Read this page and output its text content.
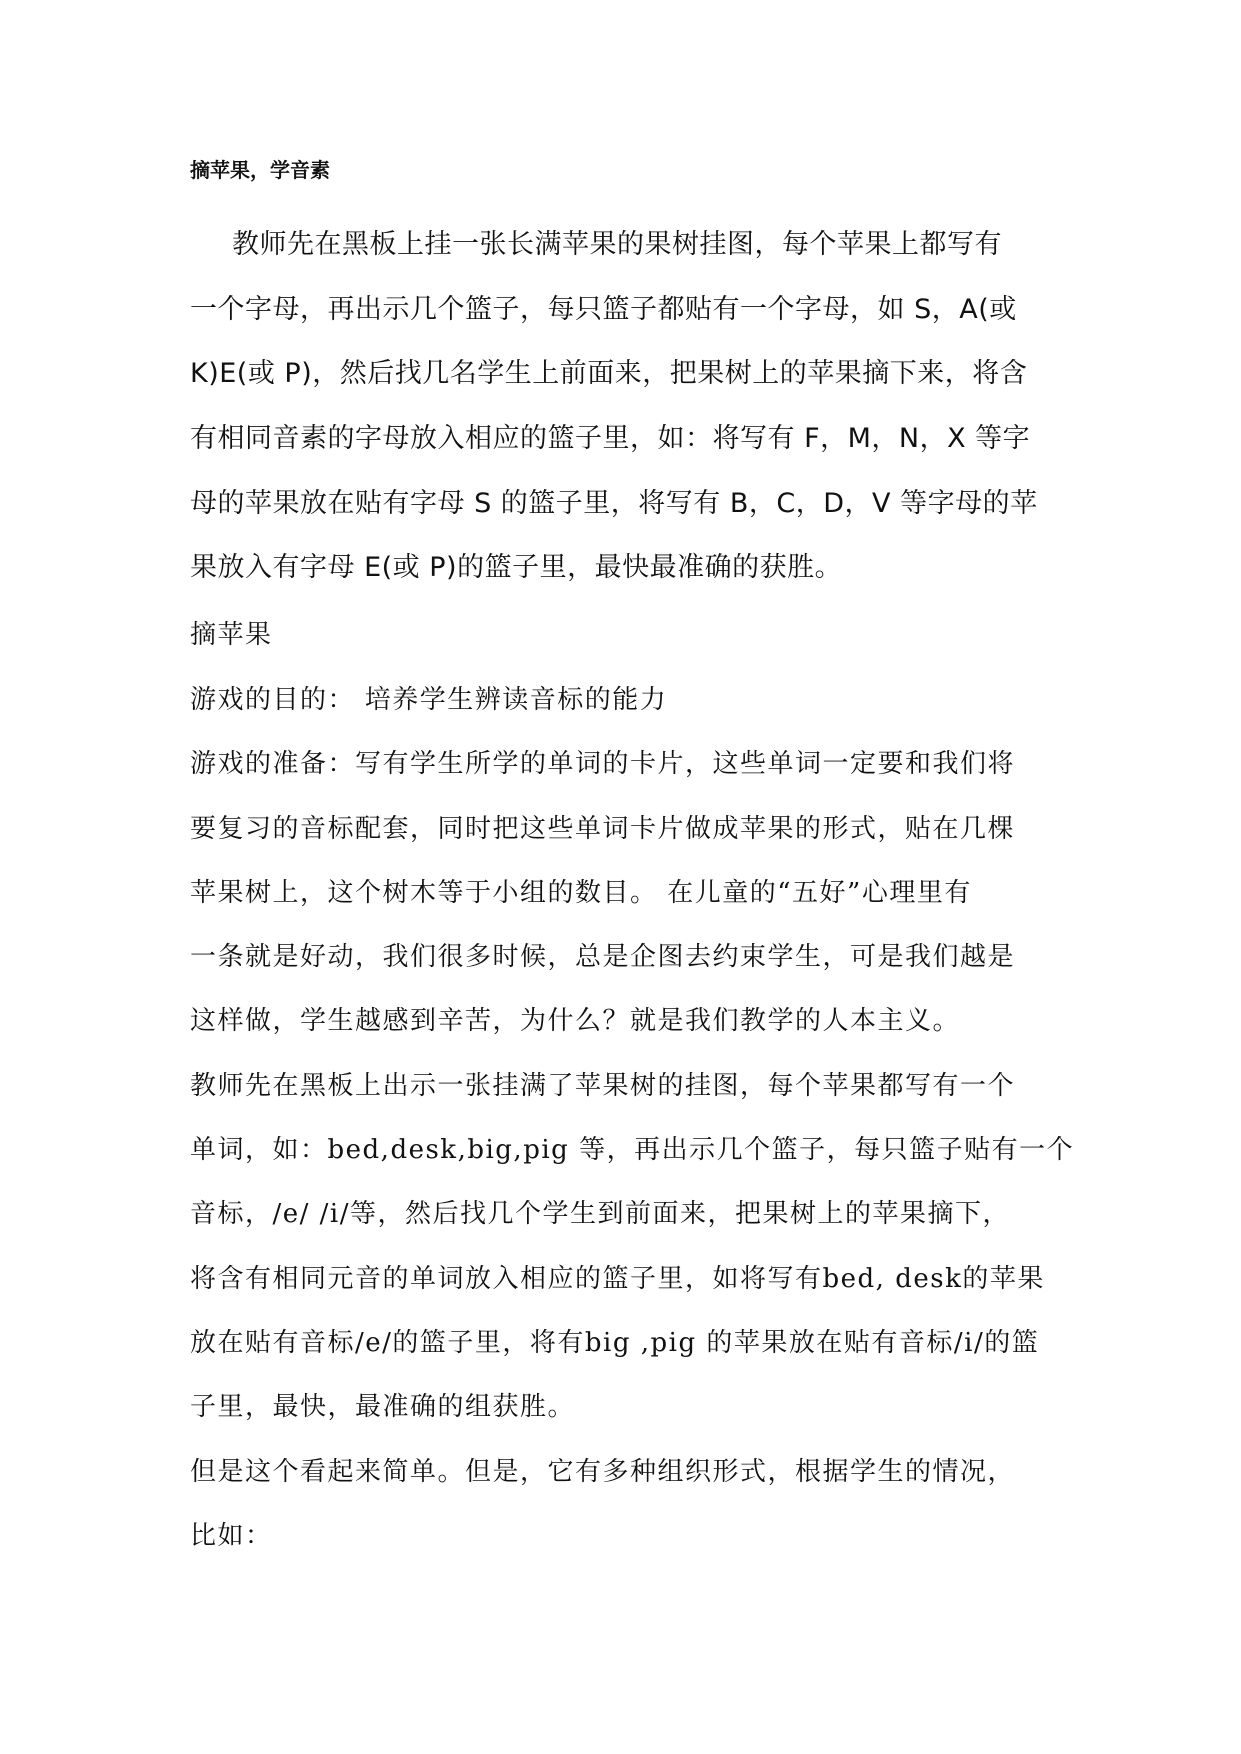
摘苹果，学音素
教师先在黑板上挂一张长满苹果的果树挂图，每个苹果上都写有
一个字母，再出示几个篮子，每只篮子都贴有一个字母，如 S，A(或
K)E(或 P)，然后找几名学生上前面来，把果树上的苹果摘下来，将含
有相同音素的字母放入相应的篮子里，如：将写有 F，M，N，X 等字
母的苹果放在贴有字母 S 的篮子里，将写有 B，C，D，V 等字母的苹
果放入有字母 E(或 P)的篮子里，最快最准确的获胜。
摘苹果
游戏的目的： 培养学生辨读音标的能力
游戏的准备：写有学生所学的单词的卡片，这些单词一定要和我们将
要复习的音标配套，同时把这些单词卡片做成苹果的形式，贴在几棵
苹果树上，这个树木等于小组的数目。 在儿童的“五好”心理里有
一条就是好动，我们很多时候，总是企图去约束学生，可是我们越是
这样做，学生越感到辛苦，为什么？就是我们教学的人本主义。
教师先在黑板上出示一张挂满了苹果树的挂图，每个苹果都写有一个
单词，如：bed,desk,big,pig 等，再出示几个篮子，每只篮子贴有一个
音标，/e/ /i/等，然后找几个学生到前面来，把果树上的苹果摘下，
将含有相同元音的单词放入相应的篮子里，如将写有bed, desk的苹果
放在贴有音标/e/的篮子里，将有big ,pig 的苹果放在贴有音标/i/的篮
子里，最快，最准确的组获胜。
但是这个看起来简单。但是，它有多种组织形式，根据学生的情况，
比如：
